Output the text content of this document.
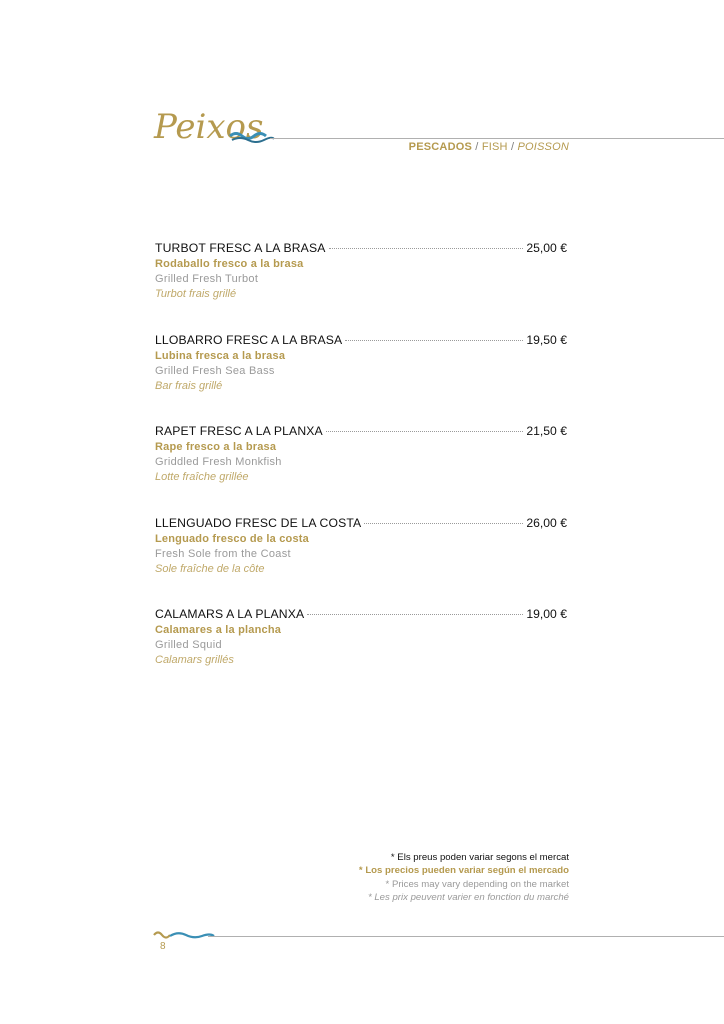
Peixos	PESCADOS / FISH / POISSON
TURBOT FRESC A LA BRASA	25,00 €
Rodaballo fresco a la brasa
Grilled Fresh Turbot
Turbot frais grillé
LLOBARRO FRESC A LA BRASA	19,50 €
Lubina fresca a la brasa
Grilled Fresh Sea Bass
Bar frais grillé
RAPET FRESC A LA PLANXA	21,50 €
Rape fresco a la brasa
Griddled Fresh Monkfish
Lotte fraîche grillée
LLENGUADO FRESC DE LA COSTA	26,00 €
Lenguado fresco de la costa
Fresh Sole from the Coast
Sole fraîche de la côte
CALAMARS A LA PLANXA	19,00 €
Calamares a la plancha
Grilled Squid
Calamars grillés
* Els preus poden variar segons el mercat
* Los precios pueden variar según el mercado
* Prices may vary depending on the market
* Les prix peuvent varier en fonction du marché
8
